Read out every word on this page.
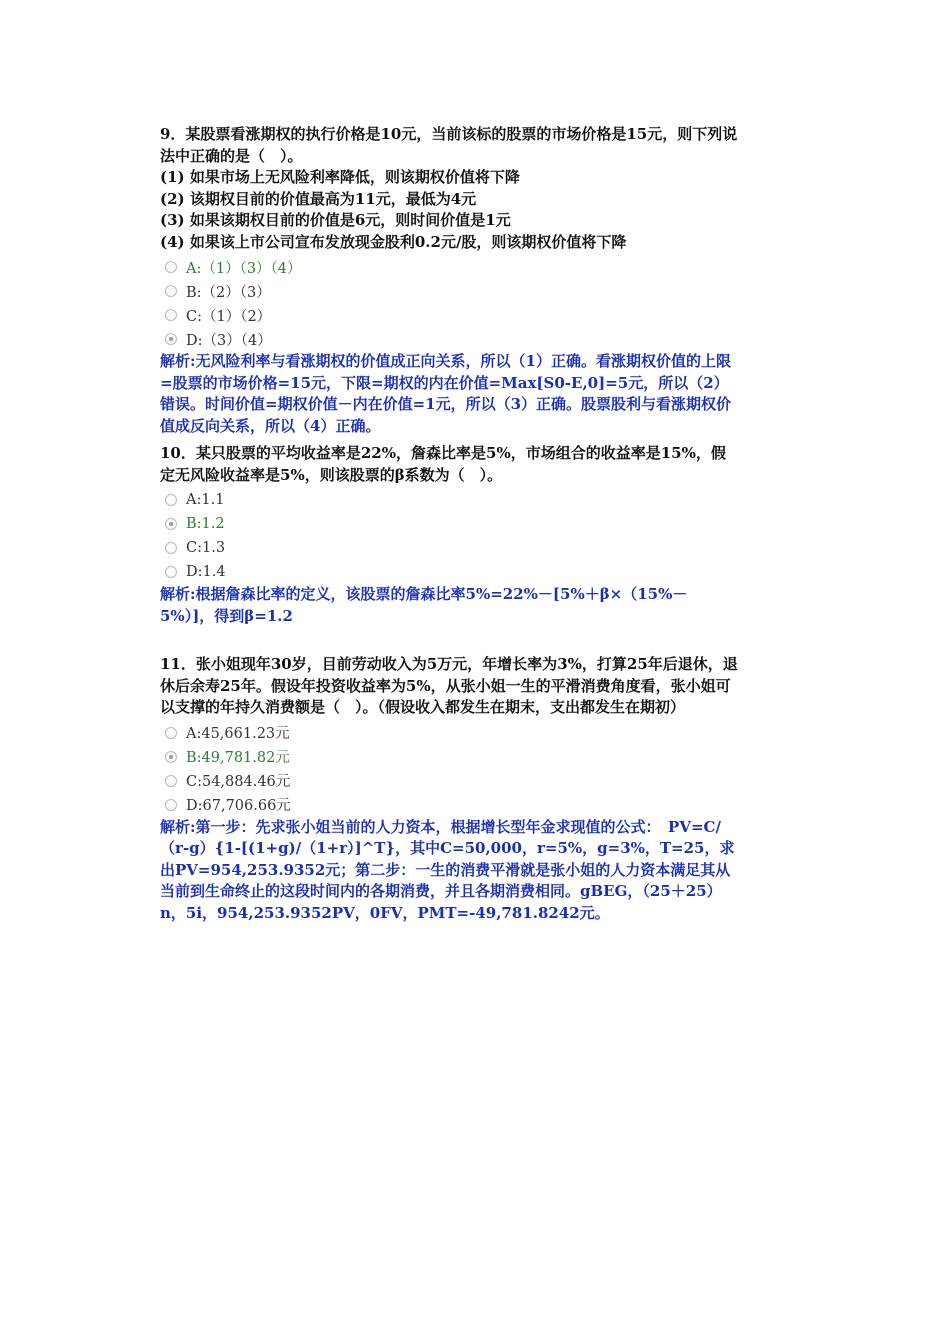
9．某股票看涨期权的执行价格是10元，当前该标的股票的市场价格是15元，则下列说法中正确的是（　）。

(1) 如果市场上无风险利率降低，则该期权价值将下降

(2) 该期权目前的价值最高为11元，最低为4元

(3) 如果该期权目前的价值是6元，则时间价值是1元

(4) 如果该上市公司宣布发放现金股利0.2元/股，则该期权价值将下降

A:（1）（3）（4）
B:（2）（3）
C:（1）（2）
D:（3）（4）

解析:无风险利率与看涨期权的价值成正向关系，所以（1）正确。看涨期权价值的上限=股票的市场价格=15元，下限=期权的内在价值=Max[S0-E,0]=5元，所以（2）错误。时间价值=期权价值－内在价值=1元，所以（3）正确。股票股利与看涨期权价值成反向关系，所以（4）正确。

10．某只股票的平均收益率是22%，詹森比率是5%，市场组合的收益率是15%，假定无风险收益率是5%，则该股票的β系数为（　）。

A:1.1
B:1.2
C:1.3
D:1.4

解析:根据詹森比率的定义，该股票的詹森比率5%=22%－[5%＋β×（15%－5%）]，得到β=1.2

11．张小姐现年30岁，目前劳动收入为5万元，年增长率为3%，打算25年后退休，退休后余寿25年。假设年投资收益率为5%，从张小姐一生的平滑消费角度看，张小姐可以支撑的年持久消费额是（　）。（假设收入都发生在期末，支出都发生在期初）

A:45,661.23元
B:49,781.82元
C:54,884.46元
D:67,706.66元

解析:第一步：先求张小姐当前的人力资本，根据增长型年金求现值的公式：　PV=C/（r-g）{1-[(1+g)/（1+r）]^T}，其中C=50,000，r=5%，g=3%，T=25，求出PV=954,253.9352元；第二步：一生的消费平滑就是张小姐的人力资本满足其从当前到生命终止的这段时间内的各期消费，并且各期消费相同。gBEG，（25＋25）n，5i，954,253.9352PV，0FV，PMT=-49,781.8242元。
